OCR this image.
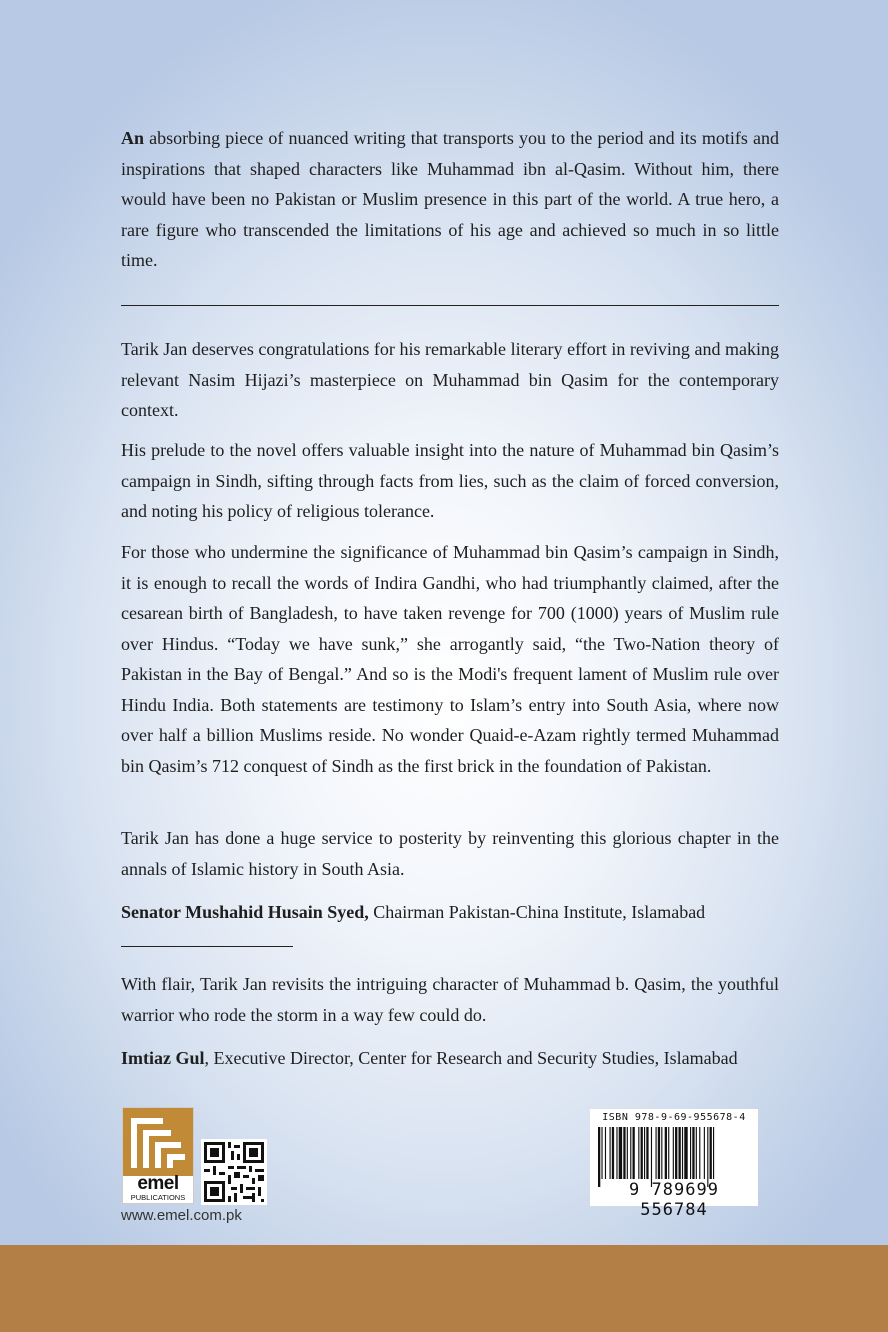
An absorbing piece of nuanced writing that transports you to the period and its motifs and inspirations that shaped characters like Muhammad ibn al-Qasim. Without him, there would have been no Pakistan or Muslim presence in this part of the world. A true hero, a rare figure who transcended the limitations of his age and achieved so much in so little time.

Tarik Jan deserves congratulations for his remarkable literary effort in reviving and making relevant Nasim Hijazi’s masterpiece on Muhammad bin Qasim for the contemporary context.

His prelude to the novel offers valuable insight into the nature of Muhammad bin Qasim’s campaign in Sindh, sifting through facts from lies, such as the claim of forced conversion, and noting his policy of religious tolerance.

For those who undermine the significance of Muhammad bin Qasim’s campaign in Sindh, it is enough to recall the words of Indira Gandhi, who had triumphantly claimed, after the cesarean birth of Bangladesh, to have taken revenge for 700 (1000) years of Muslim rule over Hindus. “Today we have sunk,” she arrogantly said, “the Two-Nation theory of Pakistan in the Bay of Bengal.” And so is the Modi's frequent lament of Muslim rule over Hindu India. Both statements are testimony to Islam’s entry into South Asia, where now over half a billion Muslims reside. No wonder Quaid-e-Azam rightly termed Muhammad bin Qasim’s 712 conquest of Sindh as the first brick in the foundation of Pakistan.

Tarik Jan has done a huge service to posterity by reinventing this glorious chapter in the annals of Islamic history in South Asia.

Senator Mushahid Husain Syed, Chairman Pakistan-China Institute, Islamabad

With flair, Tarik Jan revisits the intriguing character of Muhammad b. Qasim, the youthful warrior who rode the storm in a way few could do.

Imtiaz Gul, Executive Director, Center for Research and Security Studies, Islamabad

emel
PUBLICATIONS
www.emel.com.pk
ISBN 978-9-69-955678-4
9 789699 556784
